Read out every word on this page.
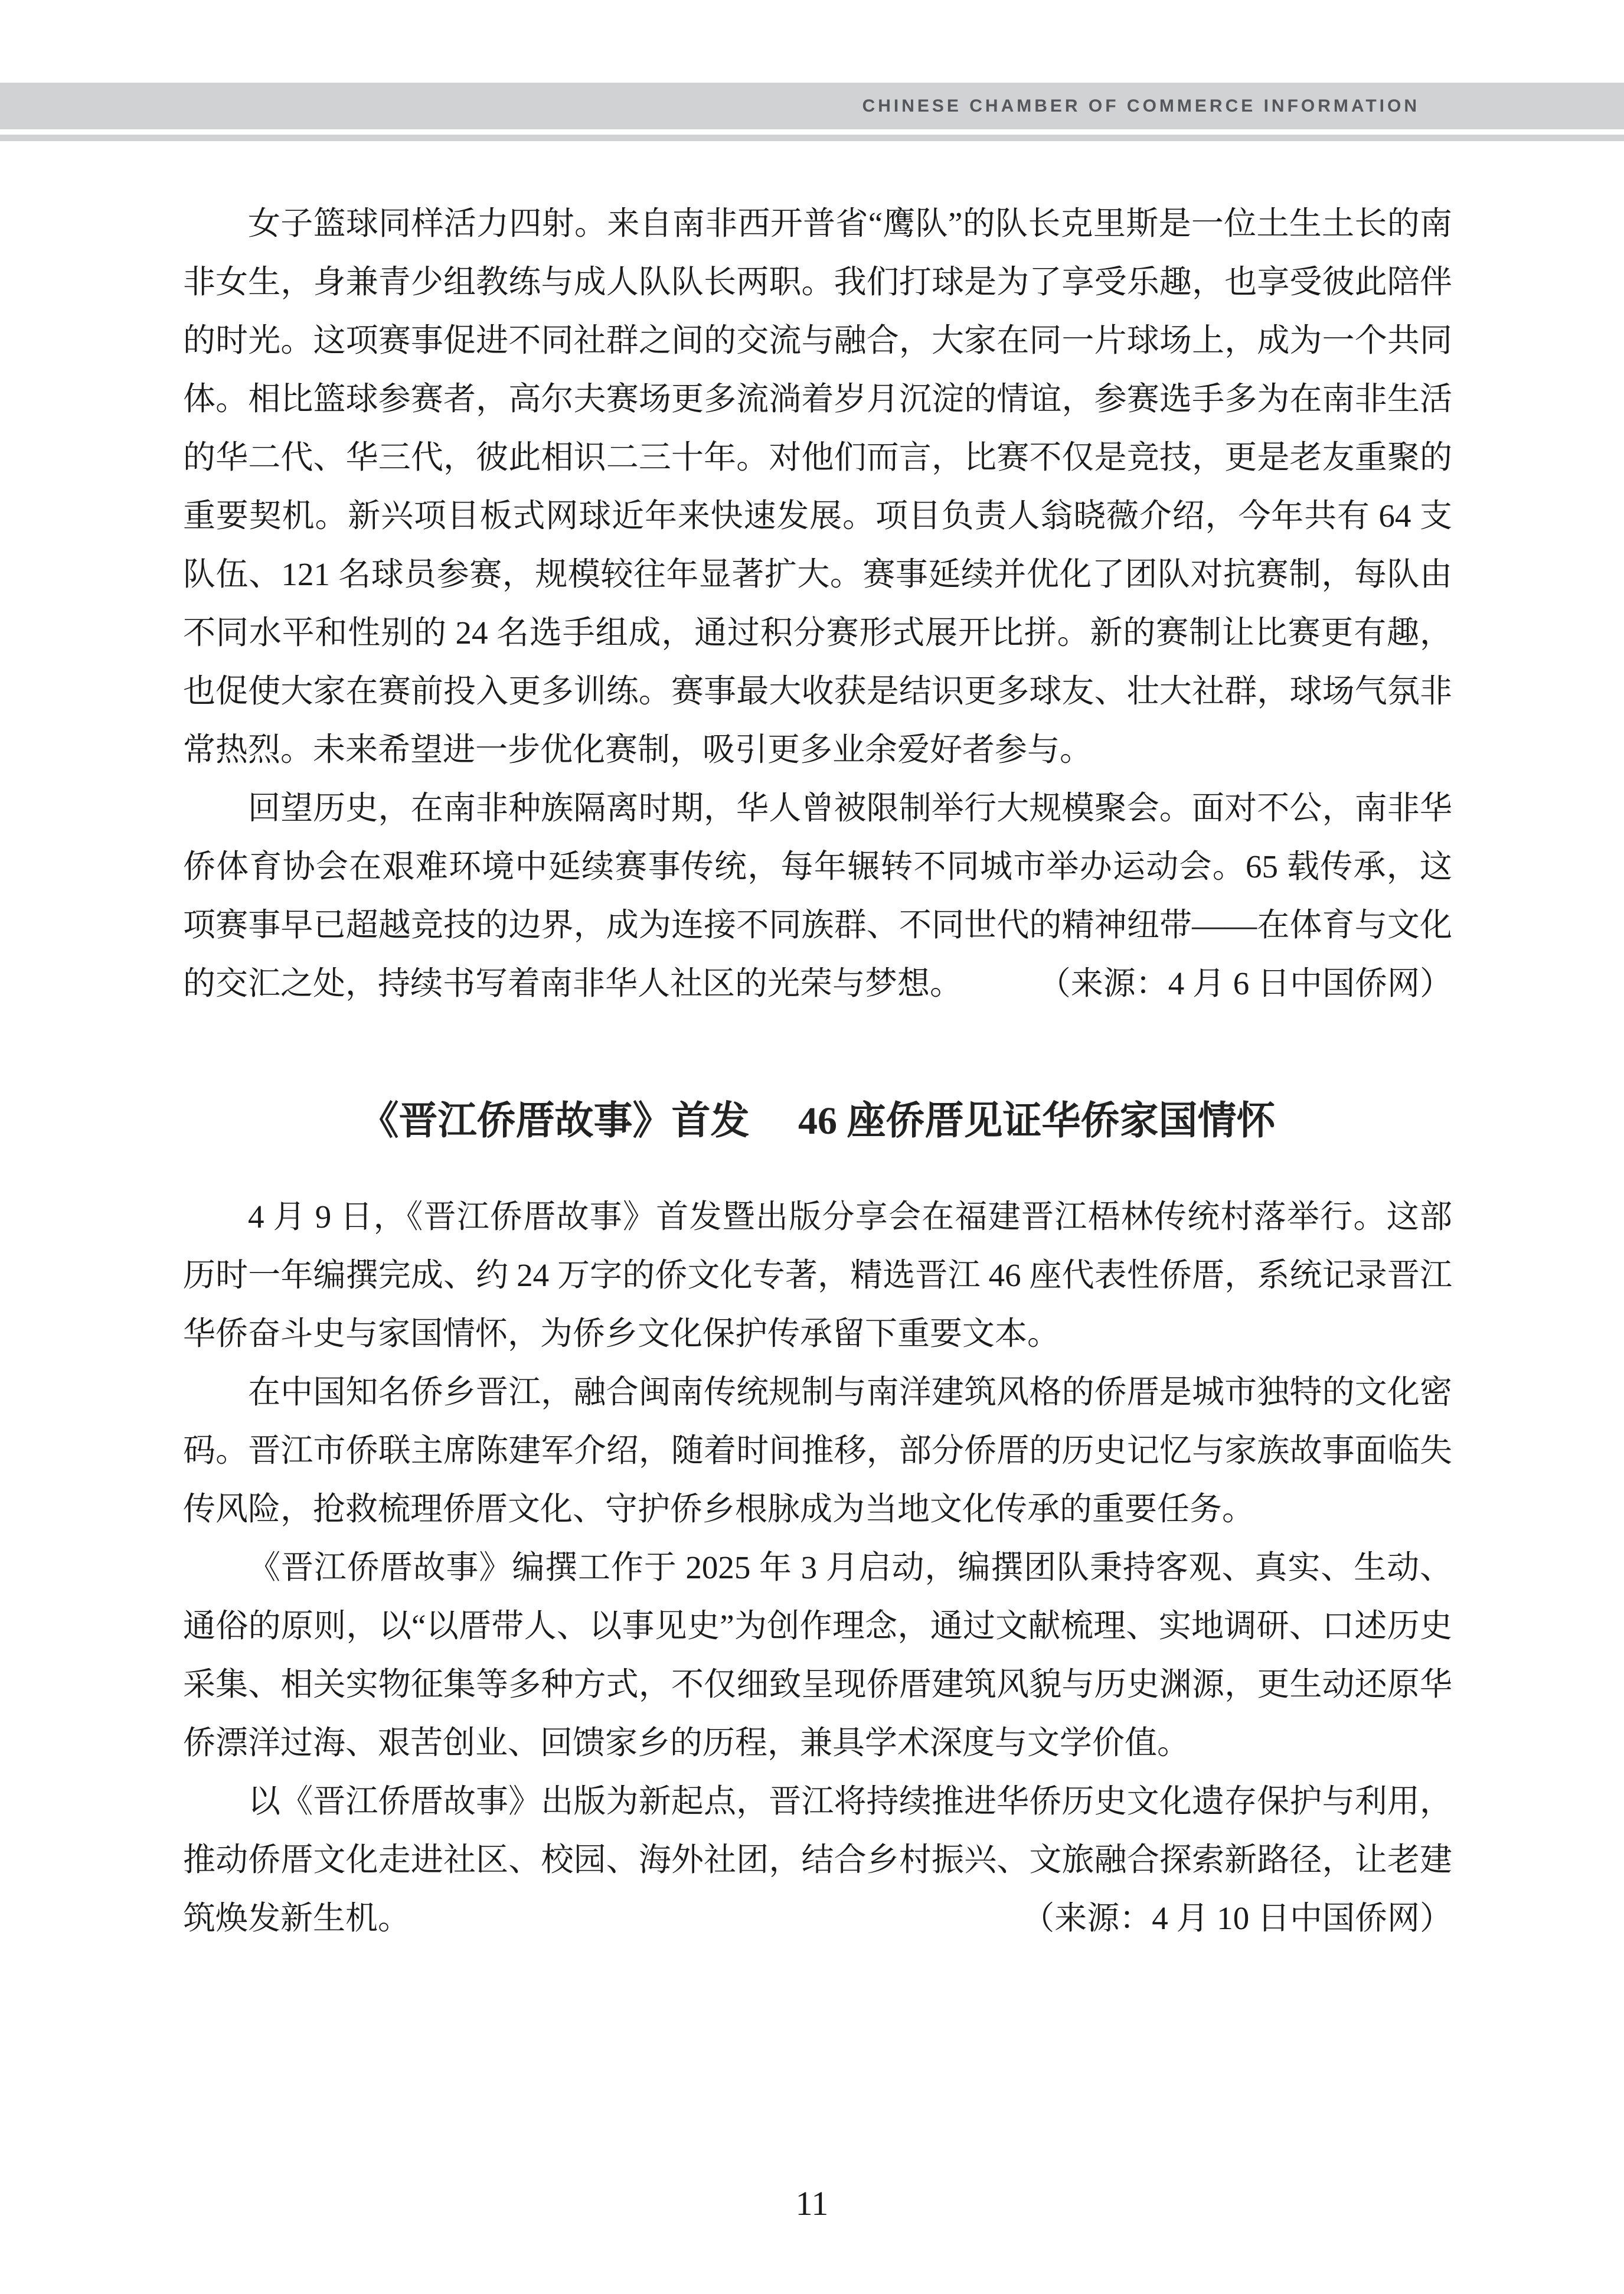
CHINESE CHAMBER OF COMMERCE INFORMATION

女子篮球同样活力四射。来自南非西开普省“鹰队”的队长克里斯是一位土生土长的南非女生，身兼青少组教练与成人队队长两职。我们打球是为了享受乐趣，也享受彼此陪伴的时光。这项赛事促进不同社群之间的交流与融合，大家在同一片球场上，成为一个共同体。相比篮球参赛者，高尔夫赛场更多流淌着岁月沉淀的情谊，参赛选手多为在南非生活的华二代、华三代，彼此相识二三十年。对他们而言，比赛不仅是竞技，更是老友重聚的重要契机。新兴项目板式网球近年来快速发展。项目负责人翁晓薇介绍，今年共有 64 支队伍、121 名球员参赛，规模较往年显著扩大。赛事延续并优化了团队对抗赛制，每队由不同水平和性别的 24 名选手组成，通过积分赛形式展开比拼。新的赛制让比赛更有趣，也促使大家在赛前投入更多训练。赛事最大收获是结识更多球友、壮大社群，球场气氛非常热烈。未来希望进一步优化赛制，吸引更多业余爱好者参与。

回望历史，在南非种族隔离时期，华人曾被限制举行大规模聚会。面对不公，南非华侨体育协会在艰难环境中延续赛事传统，每年辗转不同城市举办运动会。65 载传承，这项赛事早已超越竞技的边界，成为连接不同族群、不同世代的精神纽带——在体育与文化的交汇之处，持续书写着南非华人社区的光荣与梦想。	（来源：4 月 6 日中国侨网）

《晋江侨厝故事》首发　 46 座侨厝见证华侨家国情怀

4 月 9 日，《晋江侨厝故事》首发暨出版分享会在福建晋江梧林传统村落举行。这部历时一年编撰完成、约 24 万字的侨文化专著，精选晋江 46 座代表性侨厝，系统记录晋江华侨奋斗史与家国情怀，为侨乡文化保护传承留下重要文本。

在中国知名侨乡晋江，融合闽南传统规制与南洋建筑风格的侨厝是城市独特的文化密码。晋江市侨联主席陈建军介绍，随着时间推移，部分侨厝的历史记忆与家族故事面临失传风险，抢救梳理侨厝文化、守护侨乡根脉成为当地文化传承的重要任务。

《晋江侨厝故事》编撰工作于 2025 年 3 月启动，编撰团队秉持客观、真实、生动、通俗的原则，以“以厝带人、以事见史”为创作理念，通过文献梳理、实地调研、口述历史采集、相关实物征集等多种方式，不仅细致呈现侨厝建筑风貌与历史渊源，更生动还原华侨漂洋过海、艰苦创业、回馈家乡的历程，兼具学术深度与文学价值。

以《晋江侨厝故事》出版为新起点，晋江将持续推进华侨历史文化遗存保护与利用，推动侨厝文化走进社区、校园、海外社团，结合乡村振兴、文旅融合探索新路径，让老建筑焕发新生机。	（来源：4 月 10 日中国侨网）

11
